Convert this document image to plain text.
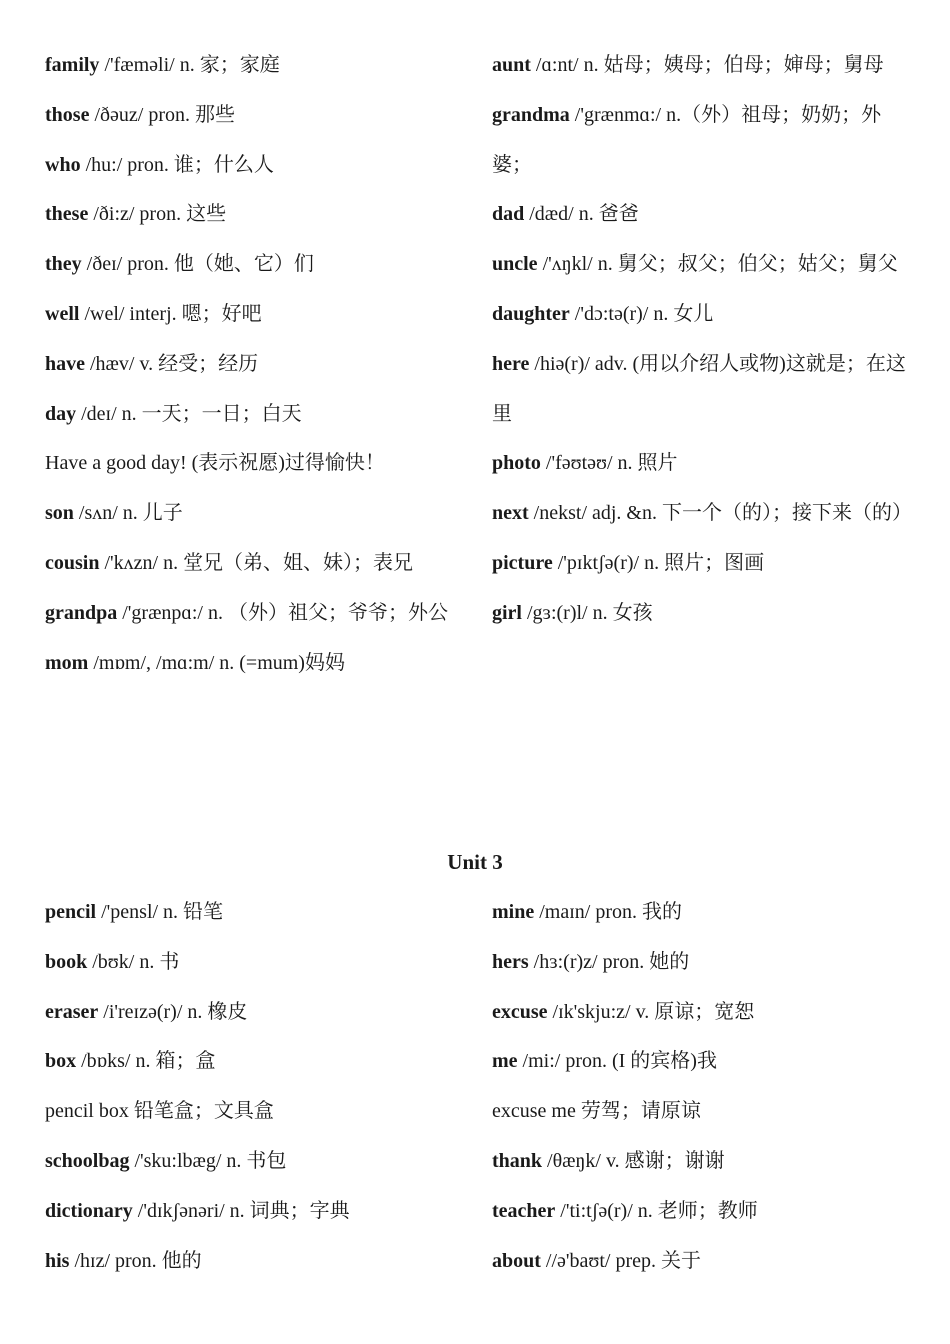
family /'fæməli/ n. 家；家庭

those /ðəuz/ pron. 那些

who /hu:/ pron. 谁；什么人

these /ði:z/ pron. 这些

they /ðeɪ/ pron. 他（她、它）们

well /wel/ interj. 嗯；好吧

have /hæv/ v. 经受；经历

day /deɪ/ n. 一天；一日；白天

Have a good day! (表示祝愿)过得愉快！

son /sʌn/ n. 儿子

cousin /'kʌzn/ n. 堂兄（弟、姐、妹）；表兄

grandpa /'grænpɑ:/ n. （外）祖父；爷爷；外公

mom /mɒm/, /mɑ:m/ n. (=mum)妈妈

aunt /ɑ:nt/ n. 姑母；姨母；伯母；婶母；舅母

grandma /'grænmɑ:/ n.（外）祖母；奶奶；外婆；

dad /dæd/ n. 爸爸

uncle /'ʌŋkl/ n. 舅父；叔父；伯父；姑父；舅父

daughter /'dɔ:tə(r)/ n. 女儿

here /hiə(r)/ adv. (用以介绍人或物)这就是；在这里

photo /'fəʊtəʊ/ n. 照片

next /nekst/ adj. &n. 下一个（的）；接下来（的）

picture /'pɪktʃə(r)/ n. 照片；图画

girl /gɜ:(r)l/ n. 女孩

Unit 3

pencil /'pensl/ n. 铅笔

book /bʊk/ n. 书

eraser /i'reɪzə(r)/ n. 橡皮

box /bɒks/ n. 箱；盒

pencil box 铅笔盒；文具盒

schoolbag /'sku:lbæg/ n. 书包

dictionary /'dɪkʃənəri/ n. 词典；字典

his /hɪz/ pron. 他的

mine /maɪn/ pron. 我的

hers /hɜ:(r)z/ pron. 她的

excuse /ɪk'skju:z/ v. 原谅；宽恕

me /mi:/ pron. (I 的宾格)我

excuse me 劳驾；请原谅

thank /θæŋk/ v. 感谢；谢谢

teacher /'ti:tʃə(r)/ n. 老师；教师

about //ə'baʊt/ prep. 关于
